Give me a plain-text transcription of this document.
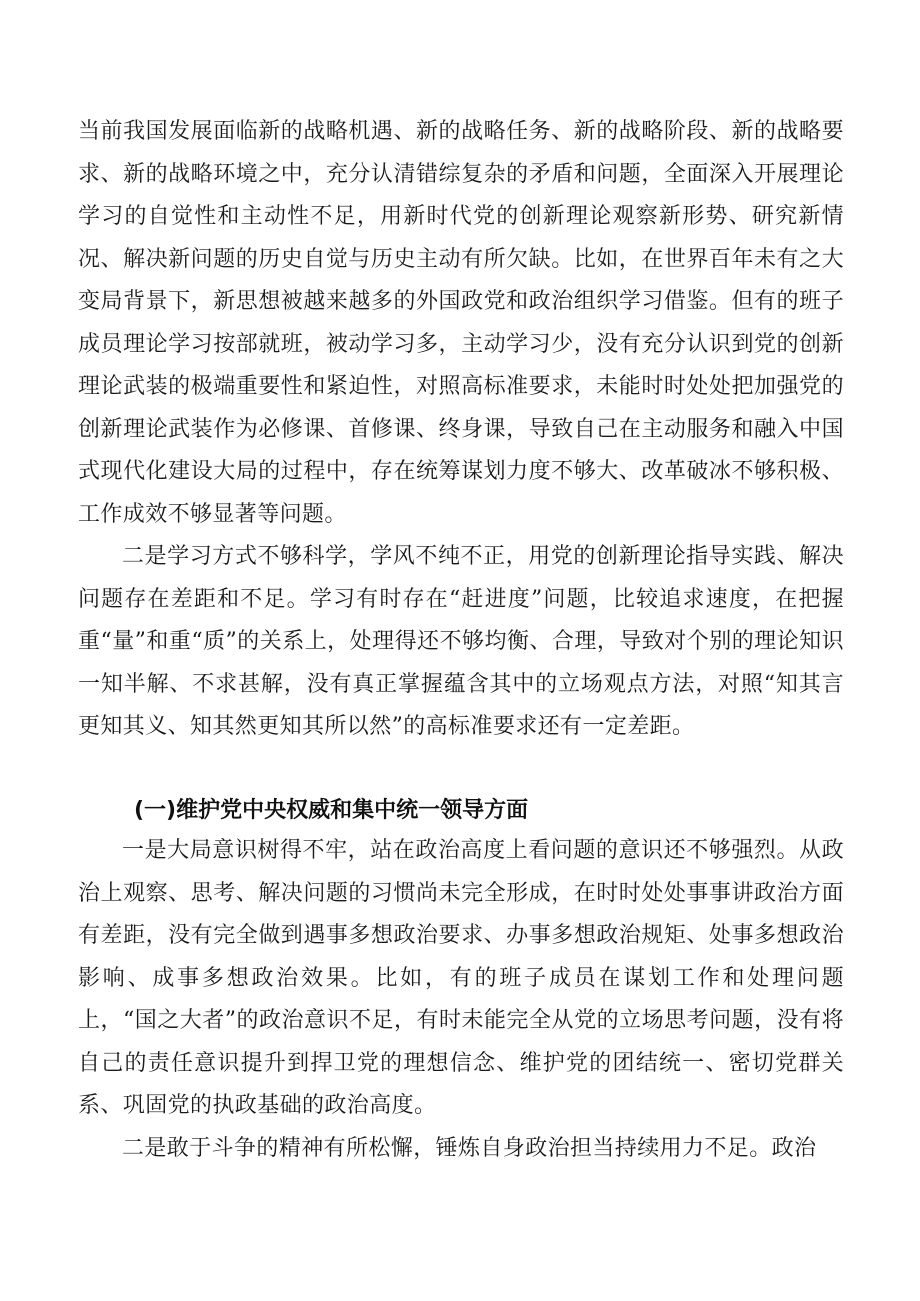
当前我国发展面临新的战略机遇、新的战略任务、新的战略阶段、新的战略要求、新的战略环境之中，充分认清错综复杂的矛盾和问题，全面深入开展理论学习的自觉性和主动性不足，用新时代党的创新理论观察新形势、研究新情况、解决新问题的历史自觉与历史主动有所欠缺。比如，在世界百年未有之大变局背景下，新思想被越来越多的外国政党和政治组织学习借鉴。但有的班子成员理论学习按部就班，被动学习多，主动学习少，没有充分认识到党的创新理论武装的极端重要性和紧迫性，对照高标准要求，未能时时处处把加强党的创新理论武装作为必修课、首修课、终身课，导致自己在主动服务和融入中国式现代化建设大局的过程中，存在统筹谋划力度不够大、改革破冰不够积极、工作成效不够显著等问题。
二是学习方式不够科学，学风不纯不正，用党的创新理论指导实践、解决问题存在差距和不足。学习有时存在“赶进度”问题，比较追求速度，在把握重“量”和重“质”的关系上，处理得还不够均衡、合理，导致对个别的理论知识一知半解、不求甚解，没有真正掌握蕴含其中的立场观点方法，对照“知其言更知其义、知其然更知其所以然”的高标准要求还有一定差距。
(一)维护党中央权威和集中统一领导方面
一是大局意识树得不牢，站在政治高度上看问题的意识还不够强烈。从政治上观察、思考、解决问题的习惯尚未完全形成，在时时处处事事讲政治方面有差距，没有完全做到遇事多想政治要求、办事多想政治规矩、处事多想政治影响、成事多想政治效果。比如，有的班子成员在谋划工作和处理问题上，“国之大者”的政治意识不足，有时未能完全从党的立场思考问题，没有将自己的责任意识提升到捍卫党的理想信念、维护党的团结统一、密切党群关系、巩固党的执政基础的政治高度。
二是敢于斗争的精神有所松懈，锤炼自身政治担当持续用力不足。政治
